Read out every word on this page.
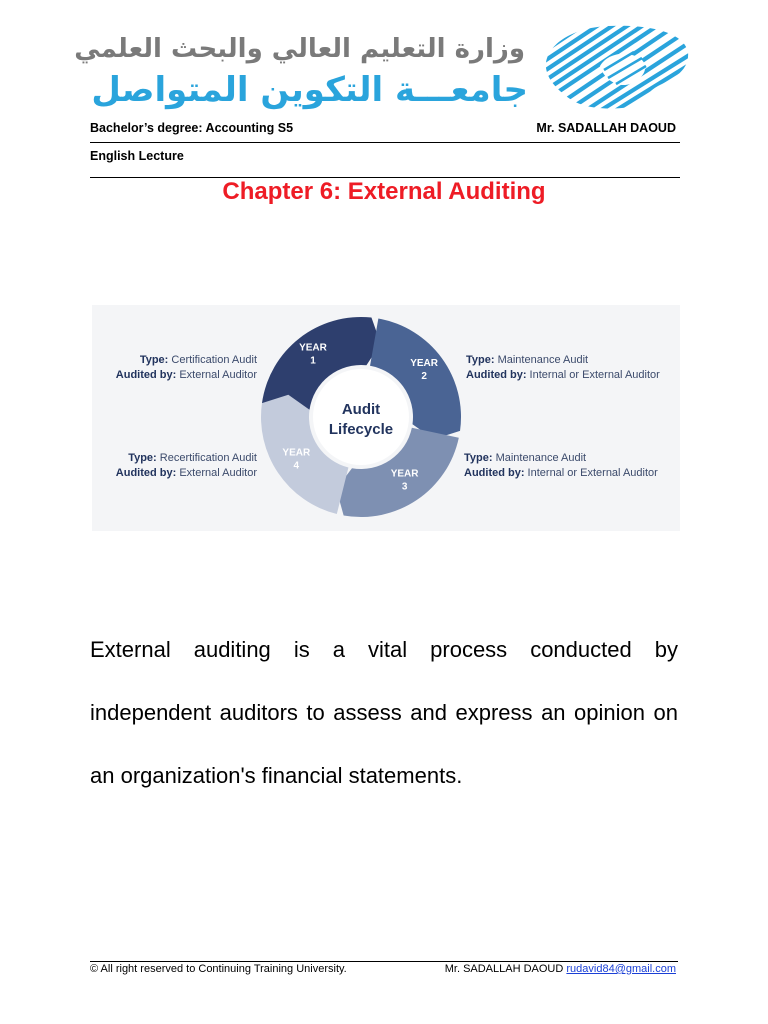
وزارة التعليم العالي والبحث العلمي
جامعـــة التكوين المتواصل
Bachelor’s degree: Accounting S5	Mr. SADALLAH DAOUD
English Lecture
Chapter 6: External Auditing
YEAR
1	YEAR
2
YEAR
3
YEAR
4
Audit
Lifecycle
Type: Certification Audit
Audited by: External Auditor
Type: Maintenance Audit
Audited by: Internal or External Auditor
Type: Maintenance Audit
Audited by: Internal or External Auditor
Type: Recertification Audit
Audited by: External Auditor
External auditing is a vital process conducted by independent auditors to assess and express an opinion on an organization's financial statements.
© All right reserved to Continuing Training University.	Mr. SADALLAH DAOUD rudavid84@gmail.com
